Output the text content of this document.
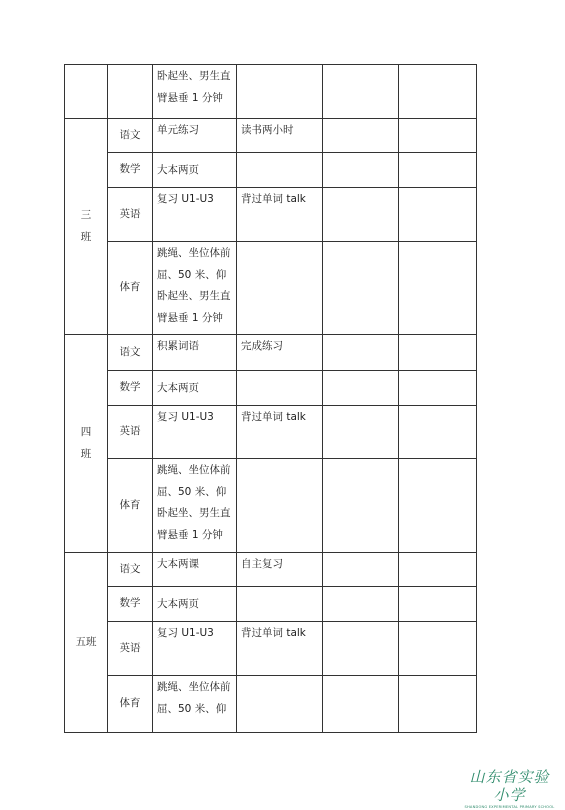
		卧起坐、男生直
臂悬垂 1 分钟			

三
班	语文	单元练习	读书两小时		

	数学	大本两页			

	英语	复习 U1-U3	背过单词 talk		

	体育	跳绳、坐位体前
屈、50 米、仰
卧起坐、男生直
臂悬垂 1 分钟			

四
班	语文	积累词语	完成练习		

	数学	大本两页			

	英语	复习 U1-U3	背过单词 talk		

	体育	跳绳、坐位体前
屈、50 米、仰
卧起坐、男生直
臂悬垂 1 分钟			

五班	语文	大本两课	自主复习		

	数学	大本两页			

	英语	复习 U1-U3	背过单词 talk		

	体育	跳绳、坐位体前
屈、50 米、仰			

山东省实验小学
SHANDONG EXPERIMENTAL PRIMARY SCHOOL
